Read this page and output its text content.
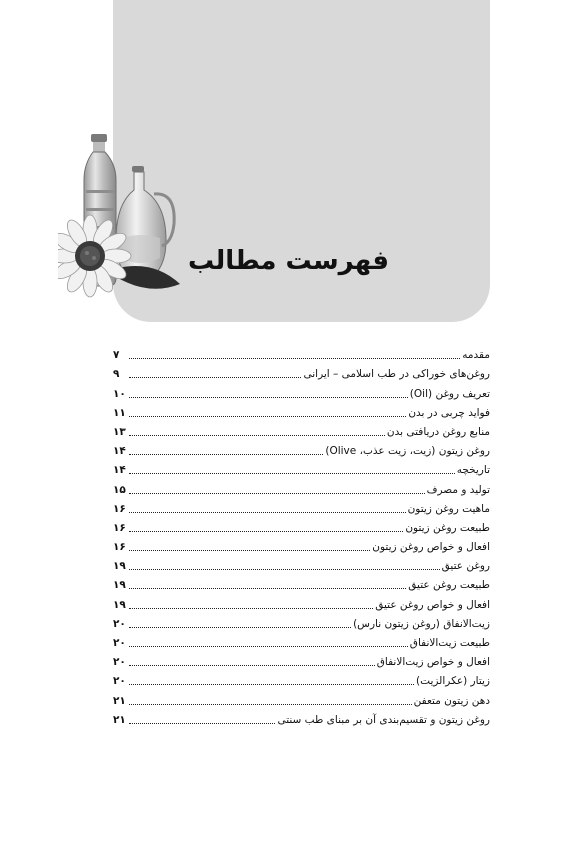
فهرست مطالب
مقدمه
۷
روغن‌های خوراکی در طب اسلامی – ایرانی
۹
تعریف روغن (Oil)
۱۰
فواید چربی در بدن
۱۱
منابع روغن دریافتی بدن
۱۳
روغن زیتون (زیت، زیت عذب، Olive)
۱۴
تاریخچه
۱۴
تولید و مصرف
۱۵
ماهیت روغن زیتون
۱۶
طبیعت روغن زیتون
۱۶
افعال و خواص روغن زیتون
۱۶
روغن عتیق
۱۹
طبیعت روغن عتیق
۱۹
افعال و خواص روغن عتیق
۱۹
زیت‌الانفاق (روغن زیتون نارس)
۲۰
طبیعت زیت‌الانفاق
۲۰
افعال و خواص زیت‌الانفاق
۲۰
زیتار (عکرالزیت)
۲۰
دهن زیتون متعفن
۲۱
روغن زیتون و تقسیم‌بندی آن بر مبنای طب سنتی
۲۱
